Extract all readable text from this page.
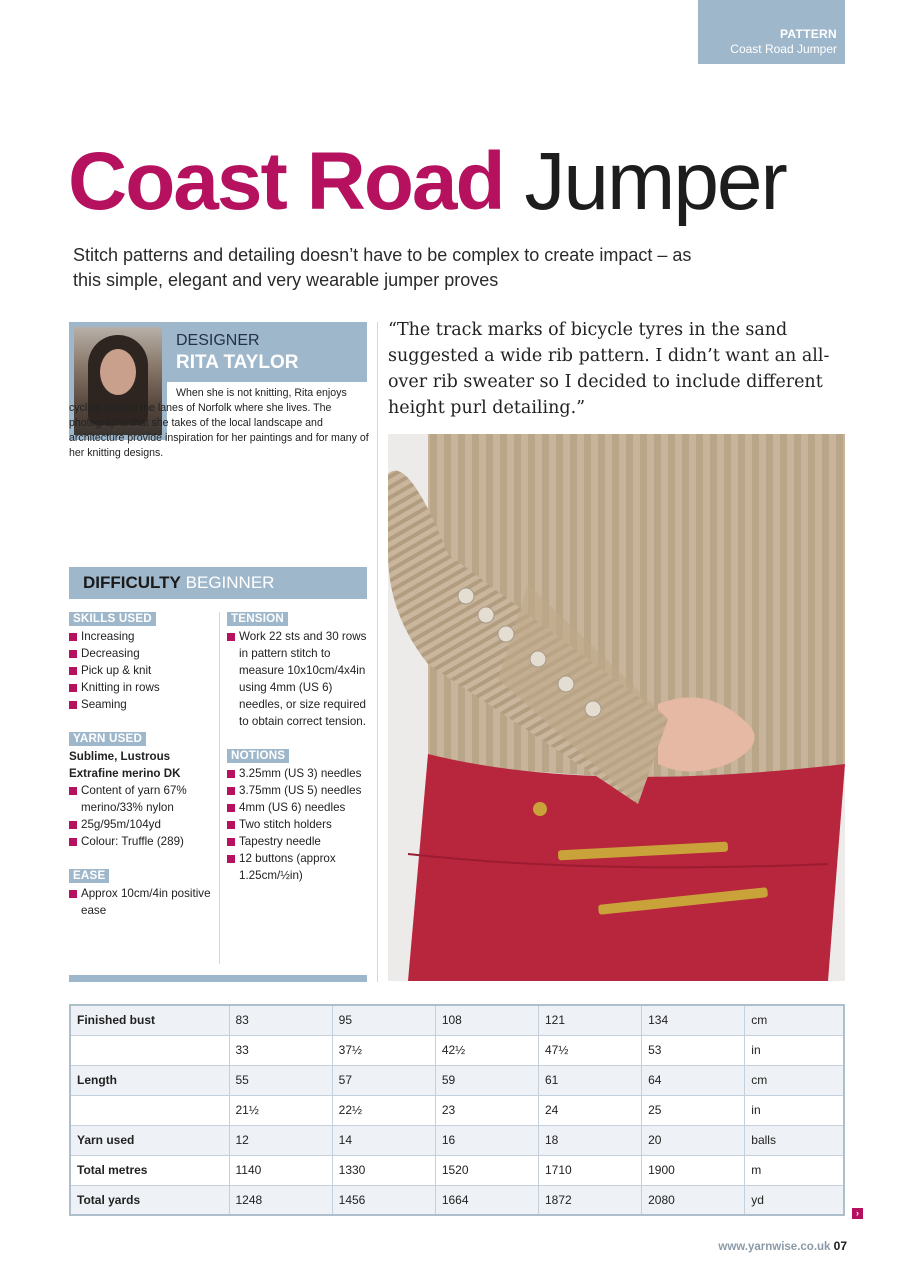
PATTERN
Coast Road Jumper
Coast Road Jumper

Stitch patterns and detailing doesn’t have to be complex to create impact – as this simple, elegant and very wearable jumper proves

DESIGNER
RITA TAYLOR

When she is not knitting, Rita enjoys cycling around the lanes of Norfolk where she lives. The photographs that she takes of the local landscape and architecture provide inspiration for her paintings and for many of her knitting designs.

“The track marks of bicycle tyres in the sand suggested a wide rib pattern. I didn’t want an all-over rib sweater so I decided to include different height purl detailing.”

DIFFICULTY BEGINNER
SKILLS USED
Increasing
Decreasing
Pick up & knit
Knitting in rows
Seaming
YARN USED
Sublime, Lustrous Extrafine merino DK
Content of yarn 67% merino/33% nylon
25g/95m/104yd
Colour: Truffle (289)
EASE
Approx 10cm/4in positive ease
TENSION
Work 22 sts and 30 rows in pattern stitch to measure 10x10cm/4x4in using 4mm (US 6) needles, or size required to obtain correct tension.
NOTIONS
3.25mm (US 3) needles
3.75mm (US 5) needles
4mm (US 6) needles
Two stitch holders
Tapestry needle
12 buttons (approx 1.25cm/½in)
Finished bust	83	95	108	121	134	cm
	33	37½	42½	47½	53	in
Length	55	57	59	61	64	cm
	21½	22½	23	24	25	in
Yarn used	12	14	16	18	20	balls
Total metres	1140	1330	1520	1710	1900	m
Total yards	1248	1456	1664	1872	2080	yd
›
www.yarnwise.co.uk 07
